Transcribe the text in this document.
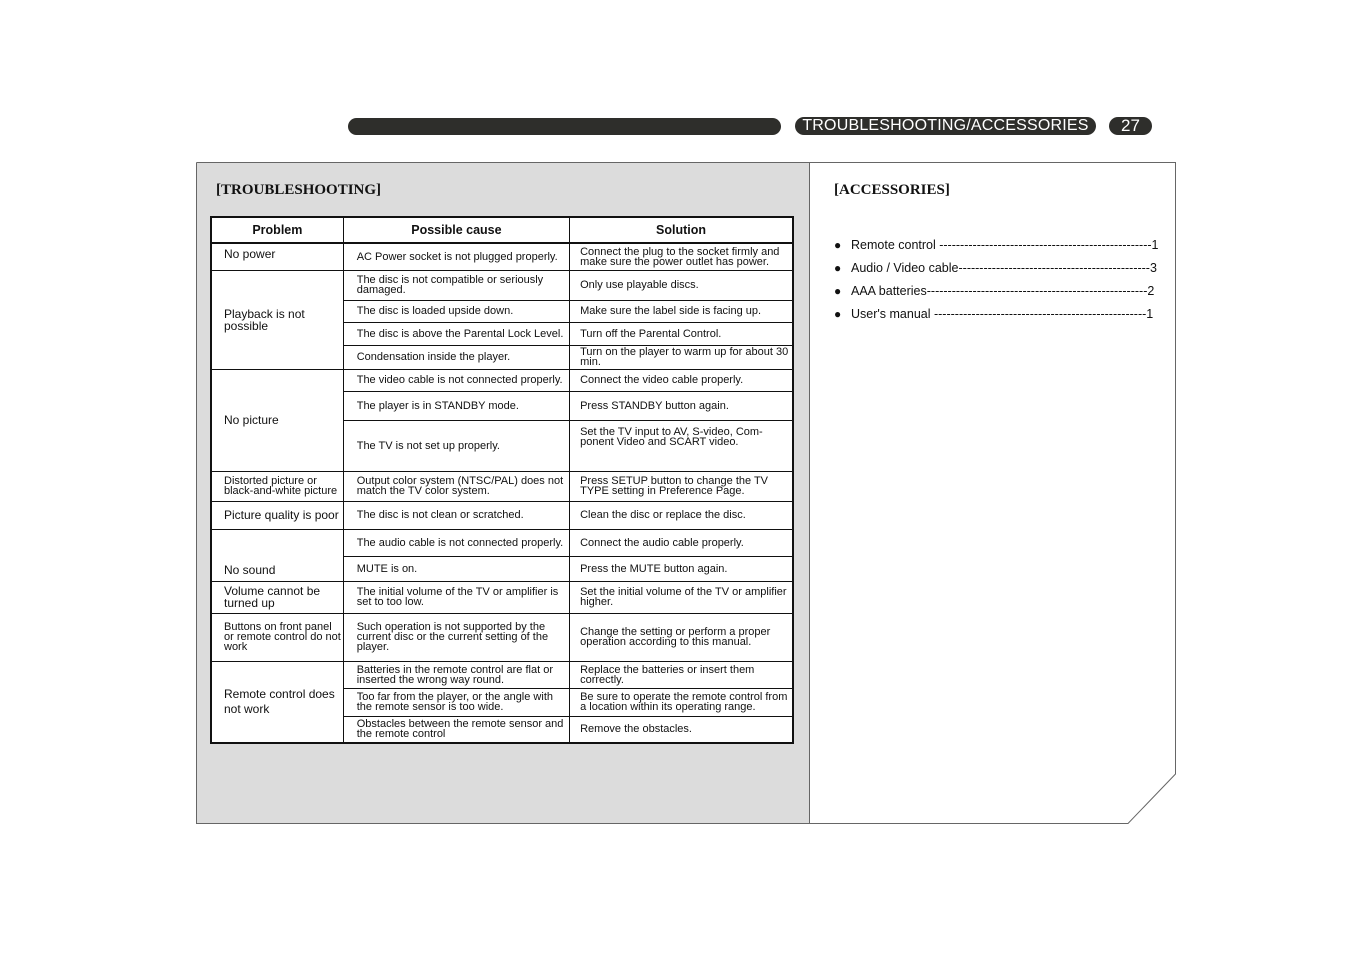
TROUBLESHOOTING/ACCESSORIES	27
[TROUBLESHOOTING]	[ACCESSORIES]
Problem	Possible cause	Solution
No power	AC Power socket is not plugged properly.	Connect the plug to the socket firmly and make sure the power outlet has power.
Playback is not possible	The disc is not compatible or seriously damaged.	Only use playable discs.
	The disc is loaded upside down.	Make sure the label side is facing up.
	The disc is above the Parental Lock Level.	Turn off the Parental Control.
	Condensation inside the player.	Turn on the player to warm up for about 30 min.
No picture	The video cable is not connected properly.	Connect the video cable properly.
	The player is in STANDBY mode.	Press STANDBY button again.
	The TV is not set up properly.	Set the TV input to AV, S-video, Com-ponent Video and SCART video.
Distorted picture or black-and-white picture	Output color system (NTSC/PAL) does not match the TV color system.	Press SETUP button to change the TV TYPE setting in Preference Page.
Picture quality is poor	The disc is not clean or scratched.	Clean the disc or replace the disc.
No sound	The audio cable is not connected properly.	Connect the audio cable properly.
	MUTE is on.	Press the MUTE button again.
Volume cannot be turned up	The initial volume of the TV or amplifier is set to too low.	Set the initial volume of the TV or amplifier higher.
Buttons on front panel or remote control do not work	Such operation is not supported by the current disc or the current setting of the player.	Change the setting or perform a proper operation according to this manual.
Remote control does not work	Batteries in the remote control are flat or inserted the wrong way round.	Replace the batteries or insert them correctly.
	Too far from the player, or the angle with the remote sensor is too wide.	Be sure to operate the remote control from a location within its operating range.
	Obstacles between the remote sensor and the remote control	Remove the obstacles.
● Remote control ---------------------------------------------------1
● Audio / Video cable----------------------------------------------3
● AAA batteries-----------------------------------------------------2
● User's manual ---------------------------------------------------1
